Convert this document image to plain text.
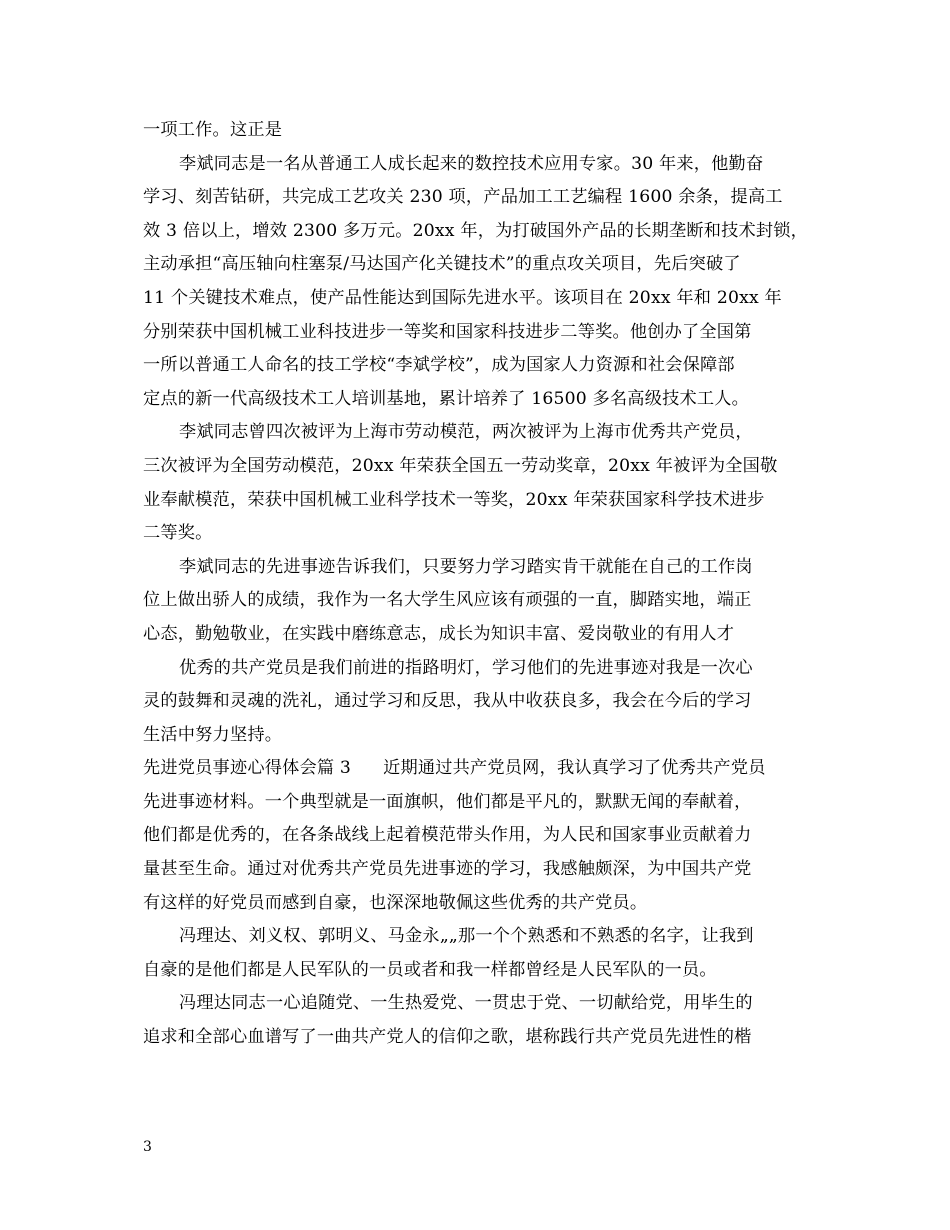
一项工作。这正是
李斌同志是一名从普通工人成长起来的数控技术应用专家。30 年来，他勤奋
学习、刻苦钻研，共完成工艺攻关 230 项，产品加工工艺编程 1600 余条，提高工
效 3 倍以上，增效 2300 多万元。20xx 年，为打破国外产品的长期垄断和技术封锁，
主动承担“高压轴向柱塞泵/马达国产化关键技术”的重点攻关项目，先后突破了
11 个关键技术难点，使产品性能达到国际先进水平。该项目在 20xx 年和 20xx 年
分别荣获中国机械工业科技进步一等奖和国家科技进步二等奖。他创办了全国第
一所以普通工人命名的技工学校“李斌学校”，成为国家人力资源和社会保障部
定点的新一代高级技术工人培训基地，累计培养了 16500 多名高级技术工人。
李斌同志曾四次被评为上海市劳动模范，两次被评为上海市优秀共产党员，
三次被评为全国劳动模范，20xx 年荣获全国五一劳动奖章，20xx 年被评为全国敬
业奉献模范，荣获中国机械工业科学技术一等奖，20xx 年荣获国家科学技术进步
二等奖。
李斌同志的先进事迹告诉我们，只要努力学习踏实肯干就能在自己的工作岗
位上做出骄人的成绩，我作为一名大学生风应该有顽强的一直，脚踏实地，端正
心态，勤勉敬业，在实践中磨练意志，成长为知识丰富、爱岗敬业的有用人才
优秀的共产党员是我们前进的指路明灯，学习他们的先进事迹对我是一次心
灵的鼓舞和灵魂的洗礼，通过学习和反思，我从中收获良多，我会在今后的学习
生活中努力坚持。
先进党员事迹心得体会篇 3 近期通过共产党员网，我认真学习了优秀共产党员
先进事迹材料。一个典型就是一面旗帜，他们都是平凡的，默默无闻的奉献着，
他们都是优秀的，在各条战线上起着模范带头作用，为人民和国家事业贡献着力
量甚至生命。通过对优秀共产党员先进事迹的学习，我感触颇深，为中国共产党
有这样的好党员而感到自豪，也深深地敬佩这些优秀的共产党员。
冯理达、刘义权、郭明义、马金永„„那一个个熟悉和不熟悉的名字，让我到
自豪的是他们都是人民军队的一员或者和我一样都曾经是人民军队的一员。
冯理达同志一心追随党、一生热爱党、一贯忠于党、一切献给党，用毕生的
追求和全部心血谱写了一曲共产党人的信仰之歌，堪称践行共产党员先进性的楷
3
